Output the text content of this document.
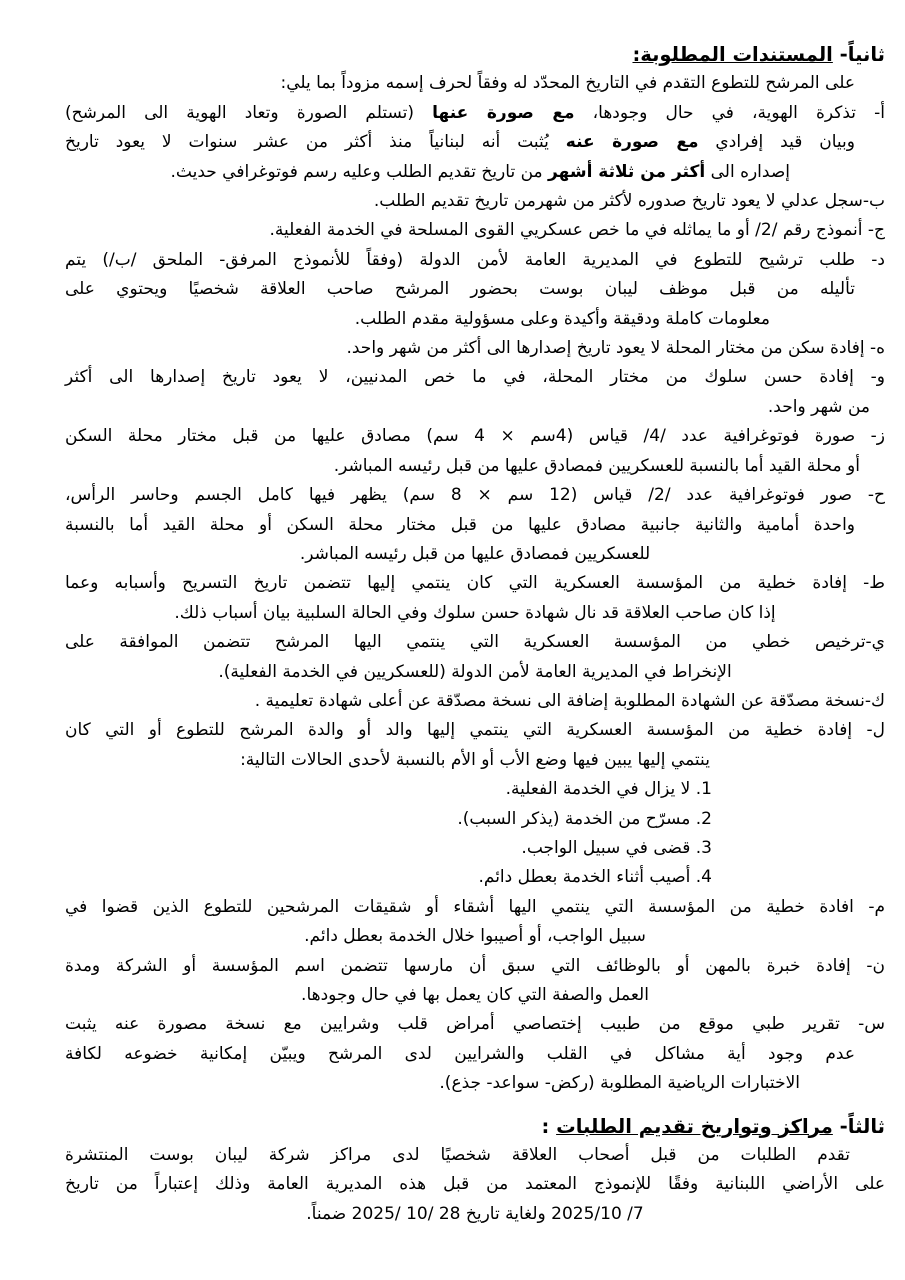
ثانياً- المستندات المطلوبة:
على المرشح للتطوع التقدم في التاريخ المحدّد له وفقاً لحرف إسمه مزوداً بما يلي:
أ- تذكرة الهوية، في حال وجودها، مع صورة عنها (تستلم الصورة وتعاد الهوية الى المرشح)
وبيان قيد إفرادي مع صورة عنه يُثبت أنه لبنانياً منذ أكثر من عشر سنوات لا يعود تاريخ
إصداره الى أكثر من ثلاثة أشهر من تاريخ تقديم الطلب وعليه رسم فوتوغرافي حديث.
ب-سجل عدلي لا يعود تاريخ صدوره لأكثر من شهرمن تاريخ تقديم الطلب.
ج- أنموذج رقم /2/ أو ما يماثله في ما خص عسكريي القوى المسلحة في الخدمة الفعلية.
د- طلب ترشيح للتطوع في المديرية العامة لأمن الدولة (وفقاً للأنموذج المرفق- الملحق /ب/) يتم
تأليله من قبل موظف ليبان بوست بحضور المرشح صاحب العلاقة شخصيًا ويحتوي على
معلومات كاملة ودقيقة وأكيدة وعلى مسؤولية مقدم الطلب.
ه- إفادة سكن من مختار المحلة لا يعود تاريخ إصدارها الى أكثر من شهر واحد.
و- إفادة حسن سلوك من مختار المحلة، في ما خص المدنيين، لا يعود تاريخ إصدارها الى أكثر
من شهر واحد.
ز- صورة فوتوغرافية عدد /4/ قياس (4سم × 4 سم) مصادق عليها من قبل مختار محلة السكن
أو محلة القيد أما بالنسبة للعسكريين فمصادق عليها من قبل رئيسه المباشر.
ح- صور فوتوغرافية عدد /2/ قياس (12 سم × 8 سم) يظهر فيها كامل الجسم وحاسر الرأس،
واحدة أمامية والثانية جانبية مصادق عليها من قبل مختار محلة السكن أو محلة القيد أما بالنسبة
للعسكريين فمصادق عليها من قبل رئيسه المباشر.
ط- إفادة خطية من المؤسسة العسكرية التي كان ينتمي إليها تتضمن تاريخ التسريح وأسبابه وعما
إذا كان صاحب العلاقة قد نال شهادة حسن سلوك وفي الحالة السلبية بيان أسباب ذلك.
ي-ترخيص خطي من المؤسسة العسكرية التي ينتمي اليها المرشح تتضمن الموافقة على
الإنخراط في المديرية العامة لأمن الدولة (للعسكريين في الخدمة الفعلية).
ك-نسخة مصدّقة عن الشهادة المطلوبة إضافة الى نسخة مصدّقة عن أعلى شهادة تعليمية .
ل- إفادة خطية من المؤسسة العسكرية التي ينتمي إليها والد أو والدة المرشح للتطوع أو التي كان
ينتمي إليها يبين فيها وضع الأب أو الأم بالنسبة لأحدى الحالات التالية:
1. لا يزال في الخدمة الفعلية.
2. مسرّح من الخدمة (يذكر السبب).
3. قضى في سبيل الواجب.
4. أصيب أثناء الخدمة بعطل دائم.
م- افادة خطية من المؤسسة التي ينتمي اليها أشقاء أو شقيقات المرشحين للتطوع الذين قضوا في
سبيل الواجب، أو أصيبوا خلال الخدمة بعطل دائم.
ن- إفادة خبرة بالمهن أو بالوظائف التي سبق أن مارسها تتضمن اسم المؤسسة أو الشركة ومدة
العمل والصفة التي كان يعمل بها في حال وجودها.
س- تقرير طبي موقع من طبيب إختصاصي أمراض قلب وشرايين مع نسخة مصورة عنه يثبت
عدم وجود أية مشاكل في القلب والشرايين لدى المرشح ويبيّن إمكانية خضوعه لكافة
الاختبارات الرياضية المطلوبة (ركض- سواعد- جذع).
ثالثاً- مراكز وتواريخ تقديم الطلبات :
تقدم الطلبات من قبل أصحاب العلاقة شخصيًا لدى مراكز شركة ليبان بوست المنتشرة
على الأراضي اللبنانية وفقًا للإنموذج المعتمد من قبل هذه المديرية العامة وذلك إعتباراً من تاريخ
7/ 2025/10 ولغاية تاريخ 28 /10 /2025 ضمناً.
